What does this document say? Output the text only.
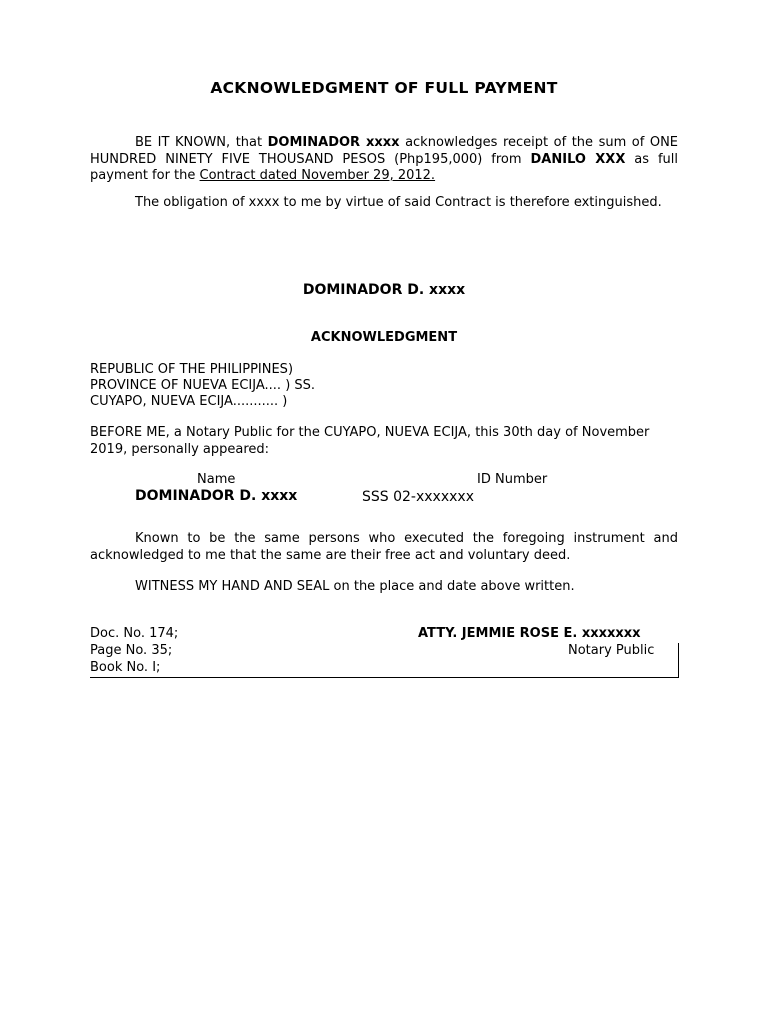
ACKNOWLEDGMENT OF FULL PAYMENT
BE IT KNOWN, that DOMINADOR xxxx acknowledges receipt of the sum of ONE HUNDRED NINETY FIVE THOUSAND PESOS (Php195,000) from DANILO XXX as full payment for the Contract dated November 29, 2012.
The obligation of xxxx to me by virtue of said Contract is therefore extinguished.
DOMINADOR D. xxxx
ACKNOWLEDGMENT
REPUBLIC OF THE PHILIPPINES)
PROVINCE OF NUEVA ECIJA.... ) SS.
CUYAPO, NUEVA ECIJA........... )
BEFORE ME, a Notary Public for the CUYAPO, NUEVA ECIJA, this 30th day of November 2019, personally appeared:
Name	ID Number
DOMINADOR D. xxxx	SSS 02-xxxxxxx
Known to be the same persons who executed the foregoing instrument and acknowledged to me that the same are their free act and voluntary deed.
WITNESS MY HAND AND SEAL on the place and date above written.
Doc. No. 174;
Page No. 35;
Book No. I;
ATTY. JEMMIE ROSE E. xxxxxxx
Notary Public
